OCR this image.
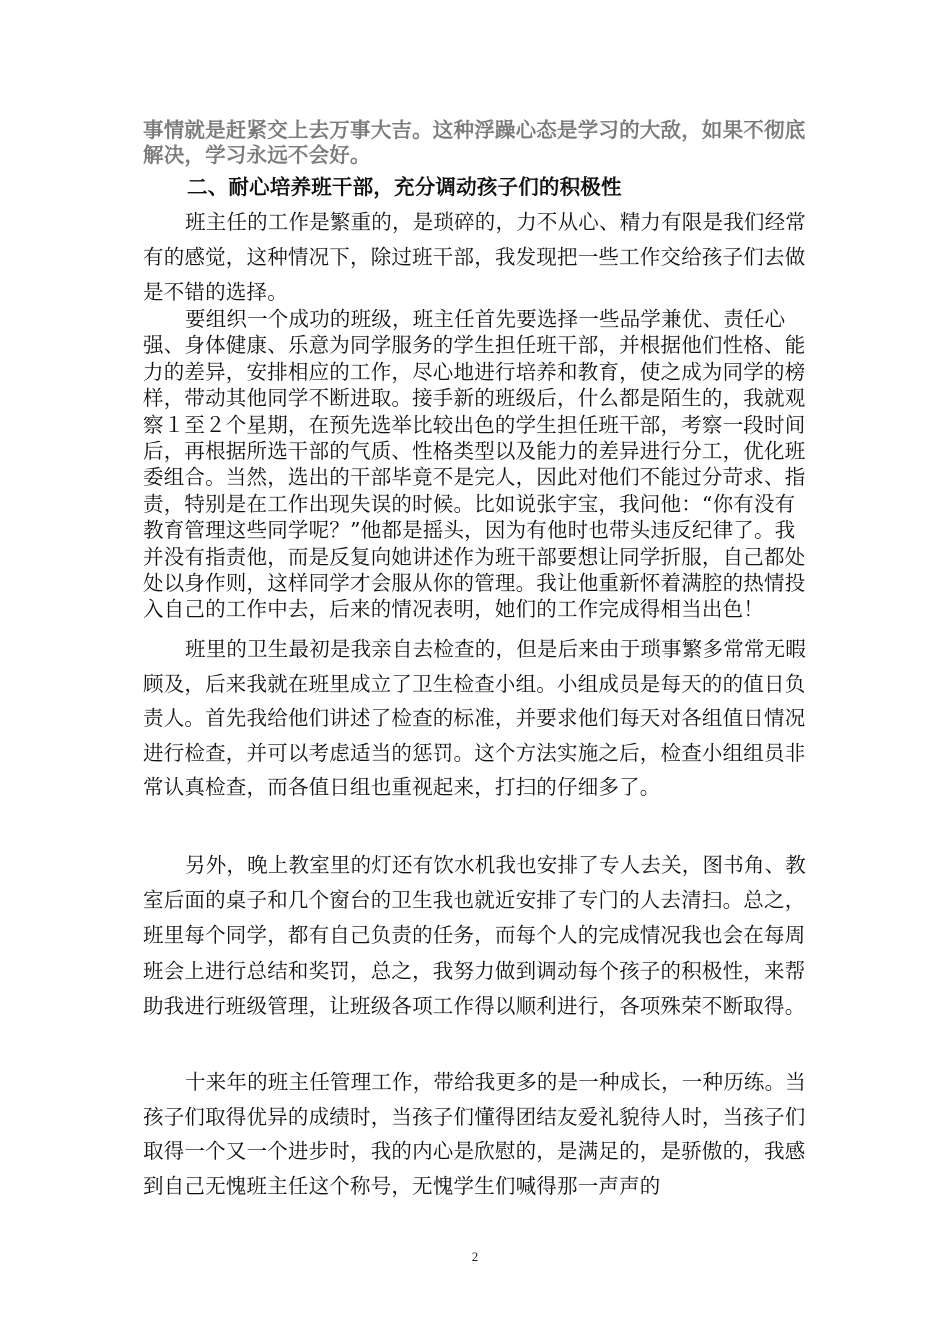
事情就是赶紧交上去万事大吉。这种浮躁心态是学习的大敌，如果不彻底解决，学习永远不会好。

二、耐心培养班干部，充分调动孩子们的积极性

班主任的工作是繁重的，是琐碎的，力不从心、精力有限是我们经常有的感觉，这种情况下，除过班干部，我发现把一些工作交给孩子们去做是不错的选择。

要组织一个成功的班级，班主任首先要选择一些品学兼优、责任心强、身体健康、乐意为同学服务的学生担任班干部，并根据他们性格、能力的差异，安排相应的工作，尽心地进行培养和教育，使之成为同学的榜样，带动其他同学不断进取。接手新的班级后，什么都是陌生的，我就观察１至２个星期，在预先选举比较出色的学生担任班干部，考察一段时间后，再根据所选干部的气质、性格类型以及能力的差异进行分工，优化班委组合。当然，选出的干部毕竟不是完人，因此对他们不能过分苛求、指责，特别是在工作出现失误的时候。比如说张宇宝，我问他：“你有没有教育管理这些同学呢？”他都是摇头，因为有他时也带头违反纪律了。我并没有指责他，而是反复向她讲述作为班干部要想让同学折服，自己都处处以身作则，这样同学才会服从你的管理。我让他重新怀着满腔的热情投入自己的工作中去，后来的情况表明，她们的工作完成得相当出色！

班里的卫生最初是我亲自去检查的，但是后来由于琐事繁多常常无暇顾及，后来我就在班里成立了卫生检查小组。小组成员是每天的的值日负责人。首先我给他们讲述了检查的标准，并要求他们每天对各组值日情况进行检查，并可以考虑适当的惩罚。这个方法实施之后，检查小组组员非常认真检查，而各值日组也重视起来，打扫的仔细多了。

另外，晚上教室里的灯还有饮水机我也安排了专人去关，图书角、教室后面的桌子和几个窗台的卫生我也就近安排了专门的人去清扫。总之，班里每个同学，都有自己负责的任务，而每个人的完成情况我也会在每周班会上进行总结和奖罚，总之，我努力做到调动每个孩子的积极性，来帮助我进行班级管理，让班级各项工作得以顺利进行，各项殊荣不断取得。

十来年的班主任管理工作，带给我更多的是一种成长，一种历练。当孩子们取得优异的成绩时，当孩子们懂得团结友爱礼貌待人时，当孩子们取得一个又一个进步时，我的内心是欣慰的，是满足的，是骄傲的，我感到自己无愧班主任这个称号，无愧学生们喊得那一声声的

2
